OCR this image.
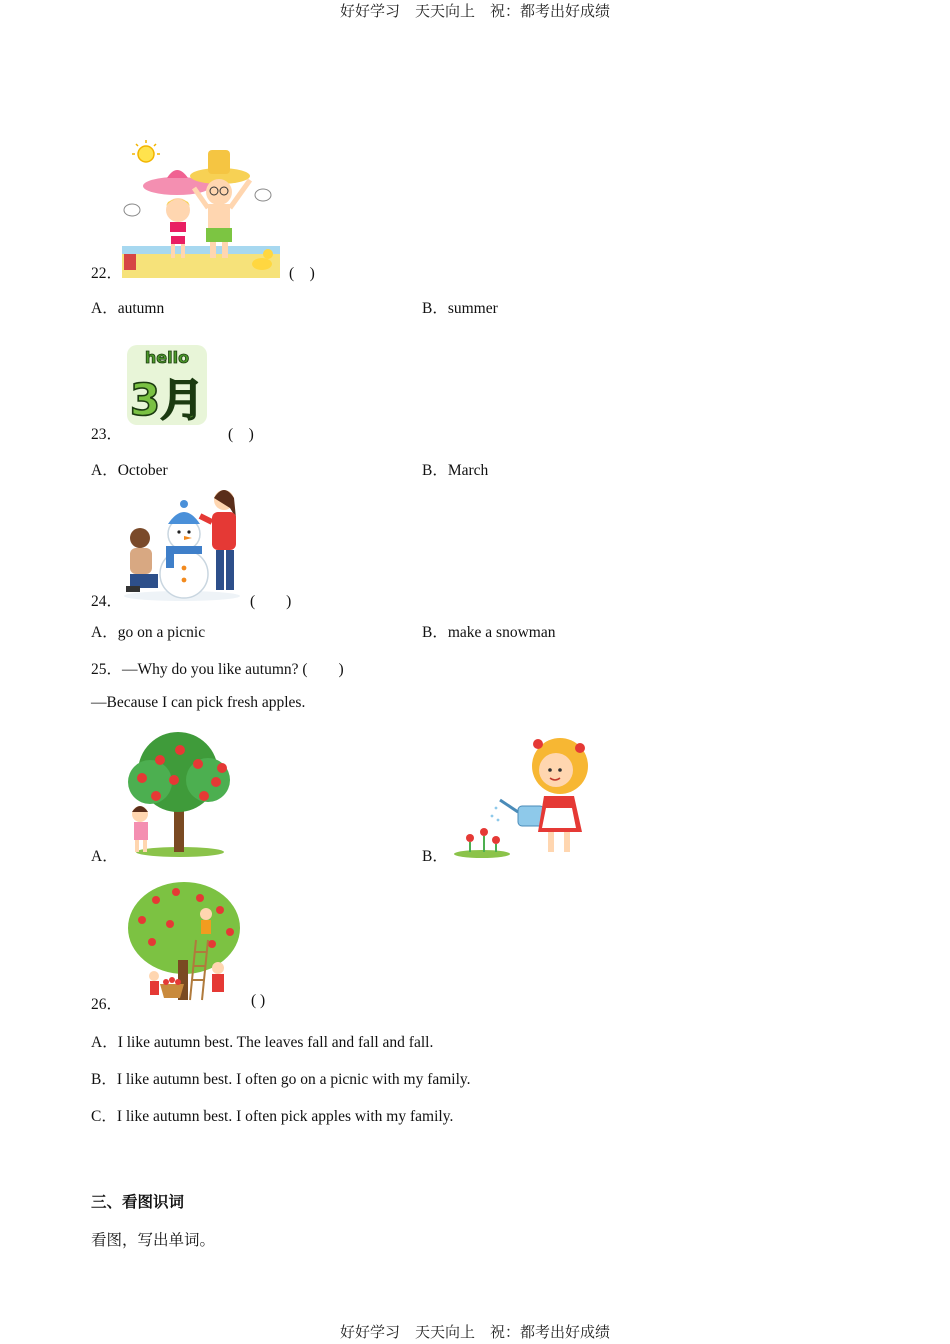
好好学习　天天向上　祝：都考出好成绩
22．	(　)
A．autumn	B．summer
hello
3月
23．	(　)
A．October	B．March
24．	(　　)
A．go on a picnic	B．make a snowman
25．—Why do you like autumn? (　　)
—Because I can pick fresh apples.
A．	B．
26．	( )
A．I like autumn best. The leaves fall and fall and fall.
B．I like autumn best. I often go on a picnic with my family.
C．I like autumn best. I often pick apples with my family.
三、看图识词
看图，写出单词。
好好学习　天天向上　祝：都考出好成绩
